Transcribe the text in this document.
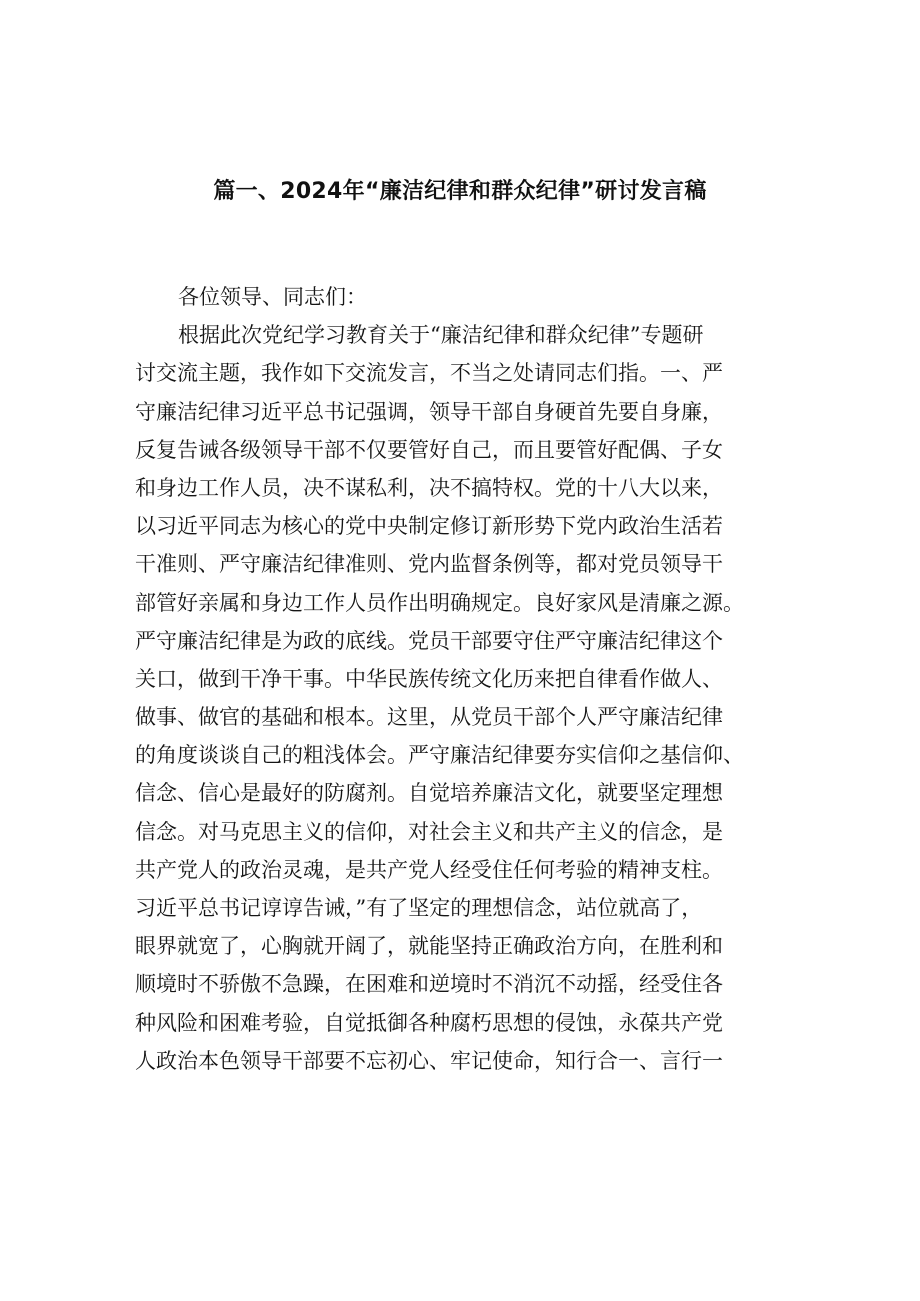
篇一、2024年“廉洁纪律和群众纪律”研讨发言稿
各位领导、同志们：
根据此次党纪学习教育关于“廉洁纪律和群众纪律”专题研
讨交流主题，我作如下交流发言，不当之处请同志们指。一、严
守廉洁纪律习近平总书记强调，领导干部自身硬首先要自身廉，
反复告诫各级领导干部不仅要管好自己，而且要管好配偶、子女
和身边工作人员，决不谋私利，决不搞特权。党的十八大以来，
以习近平同志为核心的党中央制定修订新形势下党内政治生活若
干准则、严守廉洁纪律准则、党内监督条例等，都对党员领导干
部管好亲属和身边工作人员作出明确规定。良好家风是清廉之源。
严守廉洁纪律是为政的底线。党员干部要守住严守廉洁纪律这个
关口，做到干净干事。中华民族传统文化历来把自律看作做人、
做事、做官的基础和根本。这里，从党员干部个人严守廉洁纪律
的角度谈谈自己的粗浅体会。严守廉洁纪律要夯实信仰之基信仰、
信念、信心是最好的防腐剂。自觉培养廉洁文化，就要坚定理想
信念。对马克思主义的信仰，对社会主义和共产主义的信念，是
共产党人的政治灵魂，是共产党人经受住任何考验的精神支柱。
习近平总书记谆谆告诫，”有了坚定的理想信念，站位就高了，
眼界就宽了，心胸就开阔了，就能坚持正确政治方向，在胜利和
顺境时不骄傲不急躁，在困难和逆境时不消沉不动摇，经受住各
种风险和困难考验，自觉抵御各种腐朽思想的侵蚀，永葆共产党
人政治本色领导干部要不忘初心、牢记使命，知行合一、言行一
